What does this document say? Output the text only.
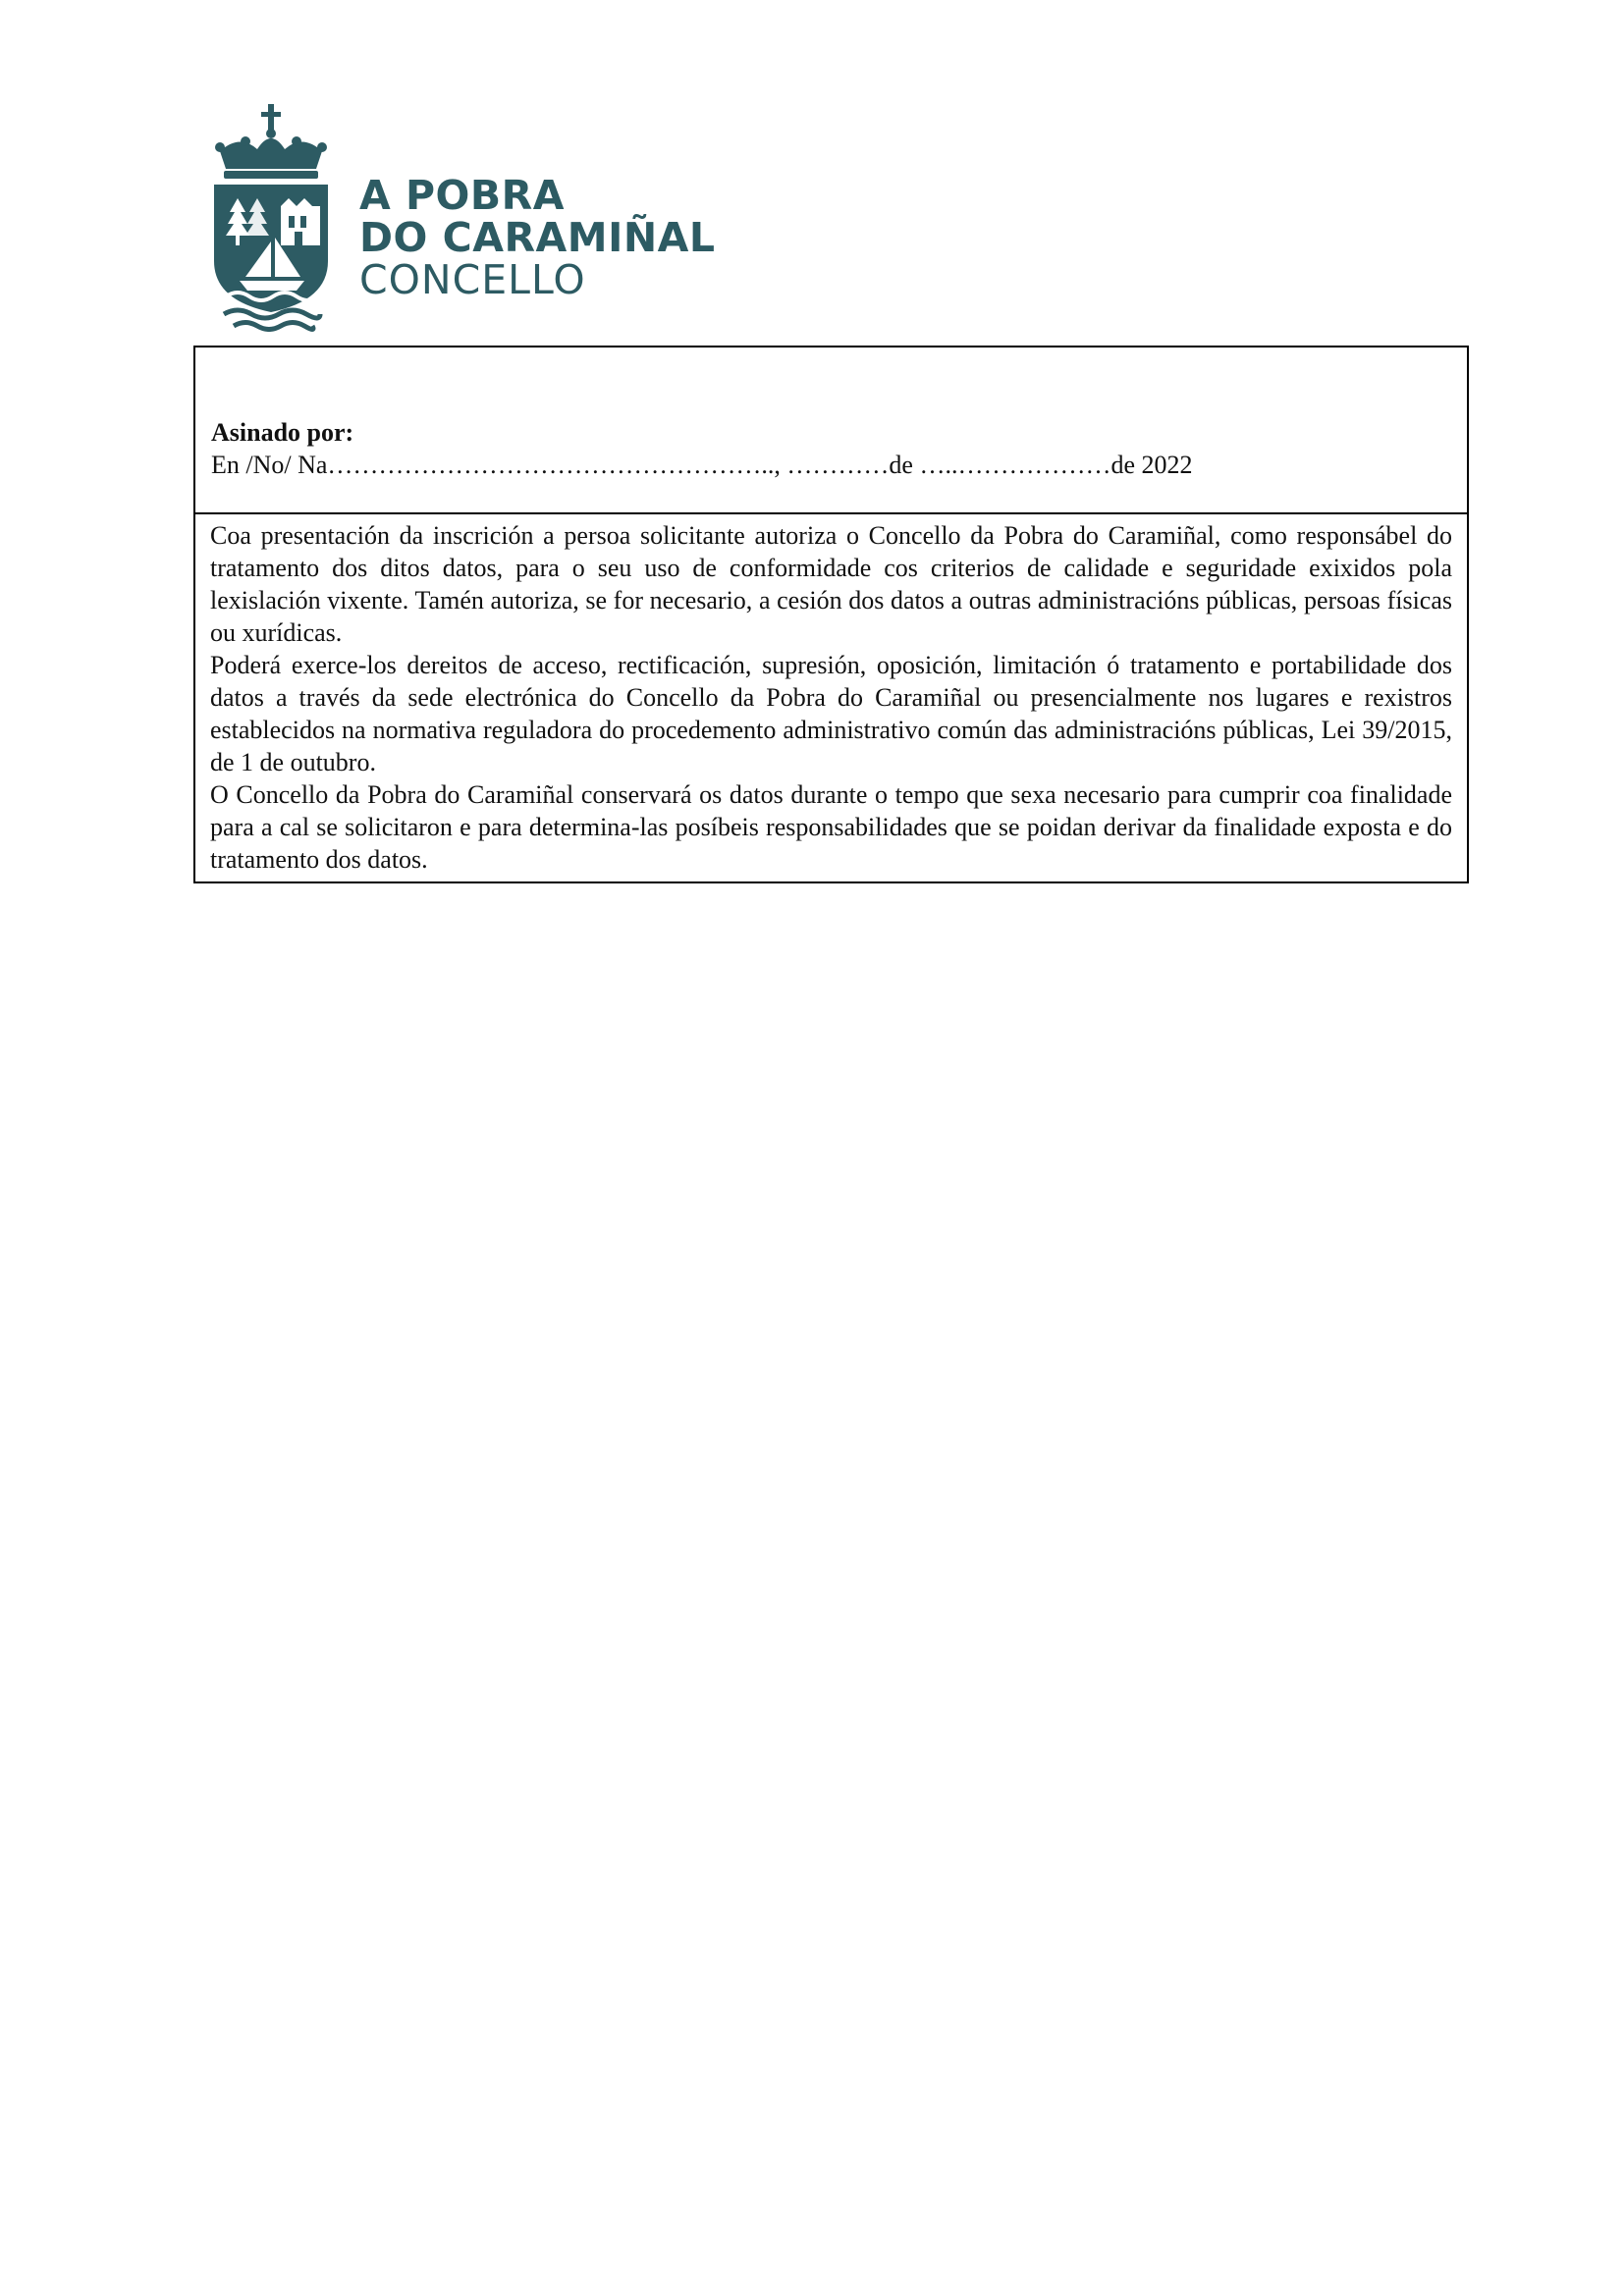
A POBRA
DO CARAMIÑAL
CONCELLO
Asinado por:
En /No/ Na…………………………………………….., …………de …..………………de 2022

Coa presentación da inscrición a persoa solicitante autoriza o Concello da Pobra do Caramiñal, como responsábel do tratamento dos ditos datos, para o seu uso de conformidade cos criterios de calidade e seguridade exixidos pola lexislación vixente. Tamén autoriza, se for necesario, a cesión dos datos a outras administracións públicas, persoas físicas ou xurídicas.

Poderá exerce-los dereitos de acceso, rectificación, supresión, oposición, limitación ó tratamento e portabilidade dos datos a través da sede electrónica do Concello da Pobra do Caramiñal ou presencialmente nos lugares e rexistros establecidos na normativa reguladora do procedemento administrativo común das administracións públicas, Lei 39/2015, de 1 de outubro.

O Concello da Pobra do Caramiñal conservará os datos durante o tempo que sexa necesario para cumprir coa finalidade para a cal se solicitaron e para determina-las posíbeis responsabilidades que se poidan derivar da finalidade exposta e do tratamento dos datos.
